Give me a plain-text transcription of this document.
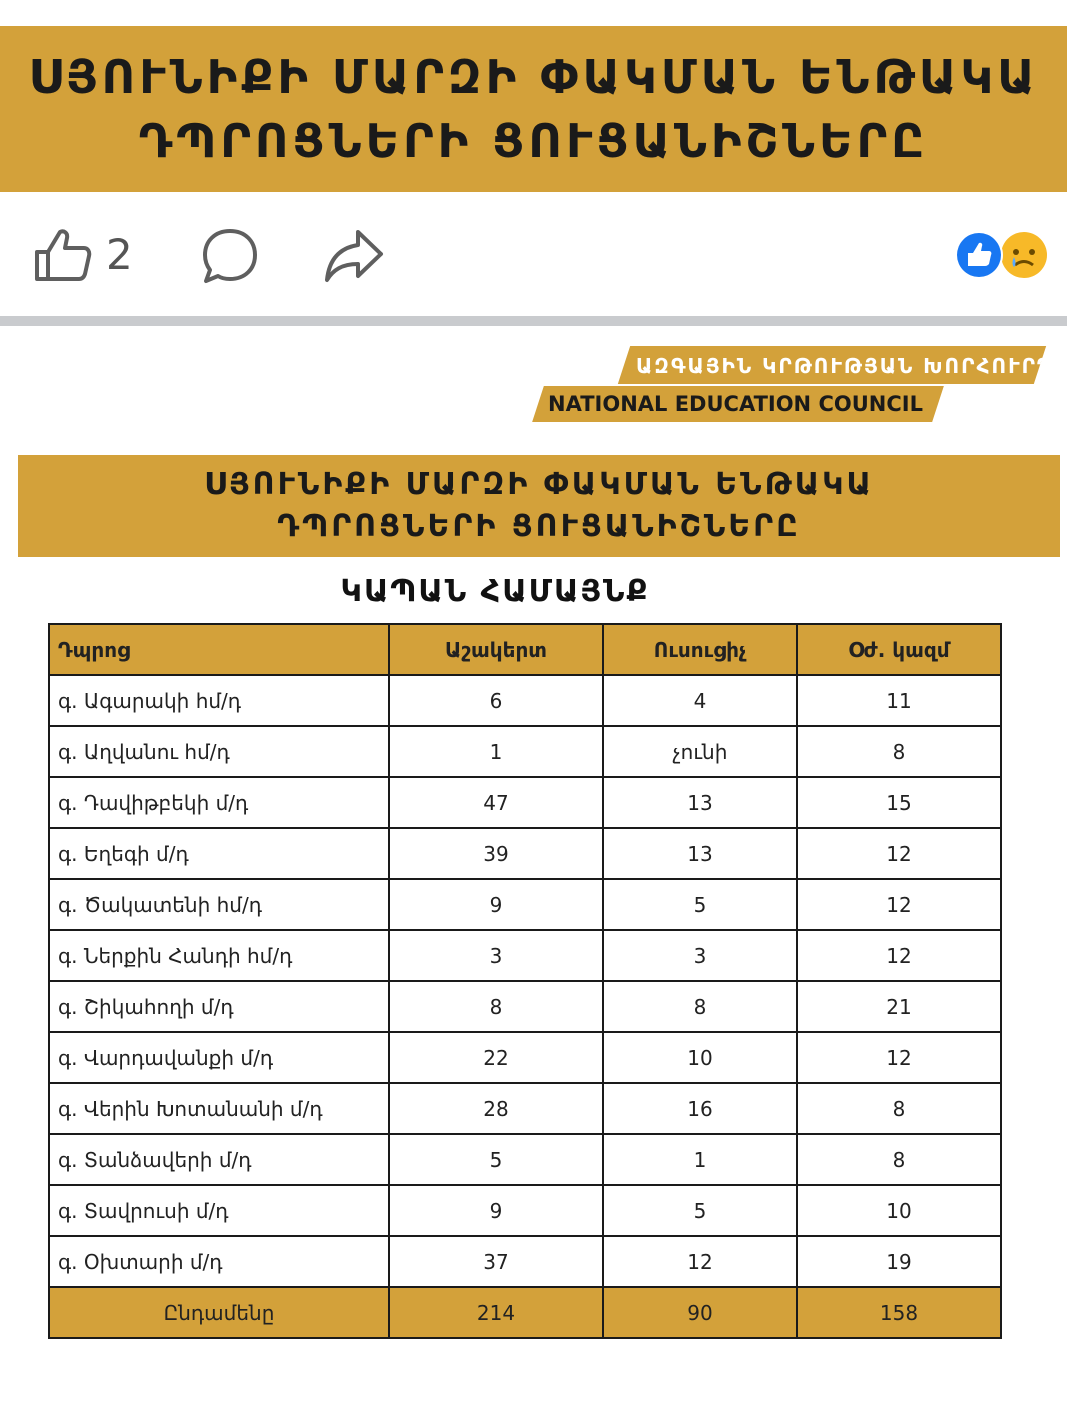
ՍՅՈՒՆԻՔԻ ՄԱՐԶԻ ՓԱԿՄԱՆ ԵՆԹԱԿԱ
ԴՊՐՈՑՆԵՐԻ ՑՈՒՑԱՆԻՇՆԵՐԸ
2
ԱԶԳԱՅԻՆ ԿՐԹՈՒԹՅԱՆ ԽՈՐՀՈՒՐԴ
NATIONAL EDUCATION COUNCIL
ՍՅՈՒՆԻՔԻ ՄԱՐԶԻ ՓԱԿՄԱՆ ԵՆԹԱԿԱ
ԴՊՐՈՑՆԵՐԻ ՑՈՒՑԱՆԻՇՆԵՐԸ
ԿԱՊԱՆ ՀԱՄԱՅՆՔ
Դպրոց	Աշակերտ	Ուսուցիչ	Օժ. կազմ
գ. Ագարակի հմ/դ	6	4	11
գ. Աղվանու հմ/դ	1	չունի	8
գ. Դավիթբեկի մ/դ	47	13	15
գ. Եղեգի մ/դ	39	13	12
գ. Ծակատենի հմ/դ	9	5	12
գ. Ներքին Հանդի հմ/դ	3	3	12
գ. Շիկահողի մ/դ	8	8	21
գ. Վարդավանքի մ/դ	22	10	12
գ. Վերին Խոտանանի մ/դ	28	16	8
գ. Տանձավերի մ/դ	5	1	8
գ. Տավրուսի մ/դ	9	5	10
գ. Օխտարի մ/դ	37	12	19
Ընդամենը	214	90	158
